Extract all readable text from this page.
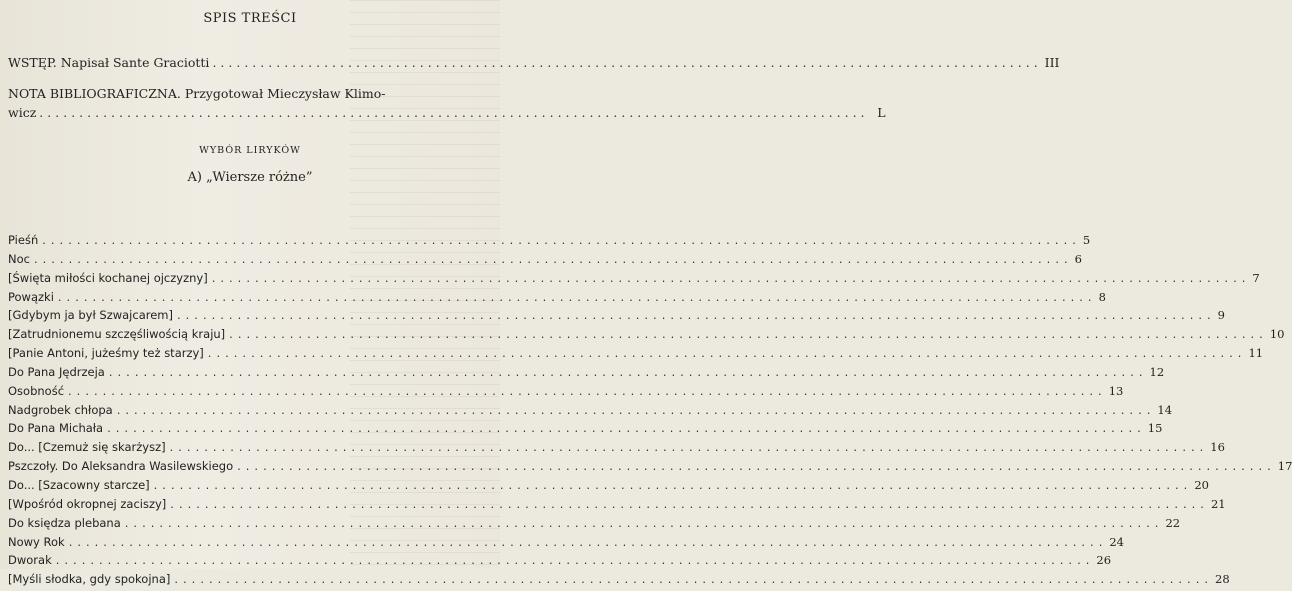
SPIS TREŚCI
WSTĘP. Napisał Sante Graciotti ........................................................................................................ III
NOTA BIBLIOGRAFICZNA. Przygotował Mieczysław Klimo-
wicz ........................................................................................................ L
WYBÓR LIRYKÓW
A) „Wiersze różne”
Pieśń ........................................................................................................................ 5
Noc ........................................................................................................................ 6
[Święta miłości kochanej ojczyzny] ........................................................................................................................ 7
Powązki ........................................................................................................................ 8
[Gdybym ja był Szwajcarem] ........................................................................................................................ 9
[Zatrudnionemu szczęśliwością kraju] ........................................................................................................................ 10
[Panie Antoni, jużeśmy też starzy] ........................................................................................................................ 11
Do Pana Jędrzeja ........................................................................................................................ 12
Osobność ........................................................................................................................ 13
Nadgrobek chłopa ........................................................................................................................ 14
Do Pana Michała ........................................................................................................................ 15
Do... [Czemuż się skarżysz] ........................................................................................................................ 16
Pszczoły. Do Aleksandra Wasilewskiego ........................................................................................................................ 17
Do... [Szacowny starcze] ........................................................................................................................ 20
[Wpośród okropnej zaciszy] ........................................................................................................................ 21
Do księdza plebana ........................................................................................................................ 22
Nowy Rok ........................................................................................................................ 24
Dworak ........................................................................................................................ 26
[Myśli słodka, gdy spokojna] ........................................................................................................................ 28
